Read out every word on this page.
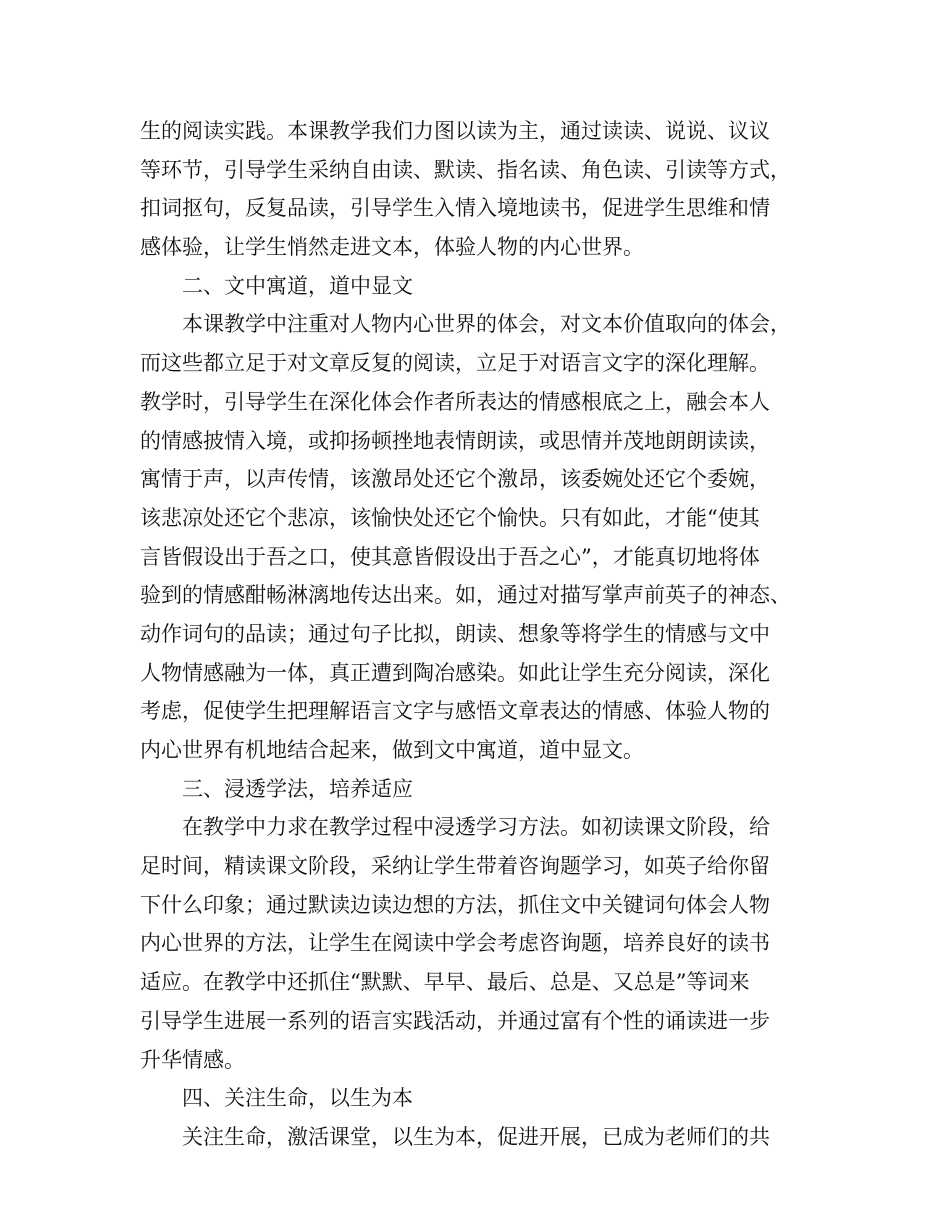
生的阅读实践。本课教学我们力图以读为主，通过读读、说说、议议
等环节，引导学生采纳自由读、默读、指名读、角色读、引读等方式，
扣词抠句，反复品读，引导学生入情入境地读书，促进学生思维和情
感体验，让学生悄然走进文本，体验人物的内心世界。
二、文中寓道，道中显文
本课教学中注重对人物内心世界的体会，对文本价值取向的体会，
而这些都立足于对文章反复的阅读，立足于对语言文字的深化理解。
教学时，引导学生在深化体会作者所表达的情感根底之上，融会本人
的情感披情入境，或抑扬顿挫地表情朗读，或思情并茂地朗朗读读，
寓情于声，以声传情，该激昂处还它个激昂，该委婉处还它个委婉，
该悲凉处还它个悲凉，该愉快处还它个愉快。只有如此，才能“使其
言皆假设出于吾之口，使其意皆假设出于吾之心”，才能真切地将体
验到的情感酣畅淋漓地传达出来。如，通过对描写掌声前英子的神态、
动作词句的品读；通过句子比拟，朗读、想象等将学生的情感与文中
人物情感融为一体，真正遭到陶冶感染。如此让学生充分阅读，深化
考虑，促使学生把理解语言文字与感悟文章表达的情感、体验人物的
内心世界有机地结合起来，做到文中寓道，道中显文。
三、浸透学法，培养适应
在教学中力求在教学过程中浸透学习方法。如初读课文阶段，给
足时间，精读课文阶段，采纳让学生带着咨询题学习，如英子给你留
下什么印象；通过默读边读边想的方法，抓住文中关键词句体会人物
内心世界的方法，让学生在阅读中学会考虑咨询题，培养良好的读书
适应。在教学中还抓住“默默、早早、最后、总是、又总是”等词来
引导学生进展一系列的语言实践活动，并通过富有个性的诵读进一步
升华情感。
四、关注生命，以生为本
关注生命，激活课堂，以生为本，促进开展，已成为老师们的共
